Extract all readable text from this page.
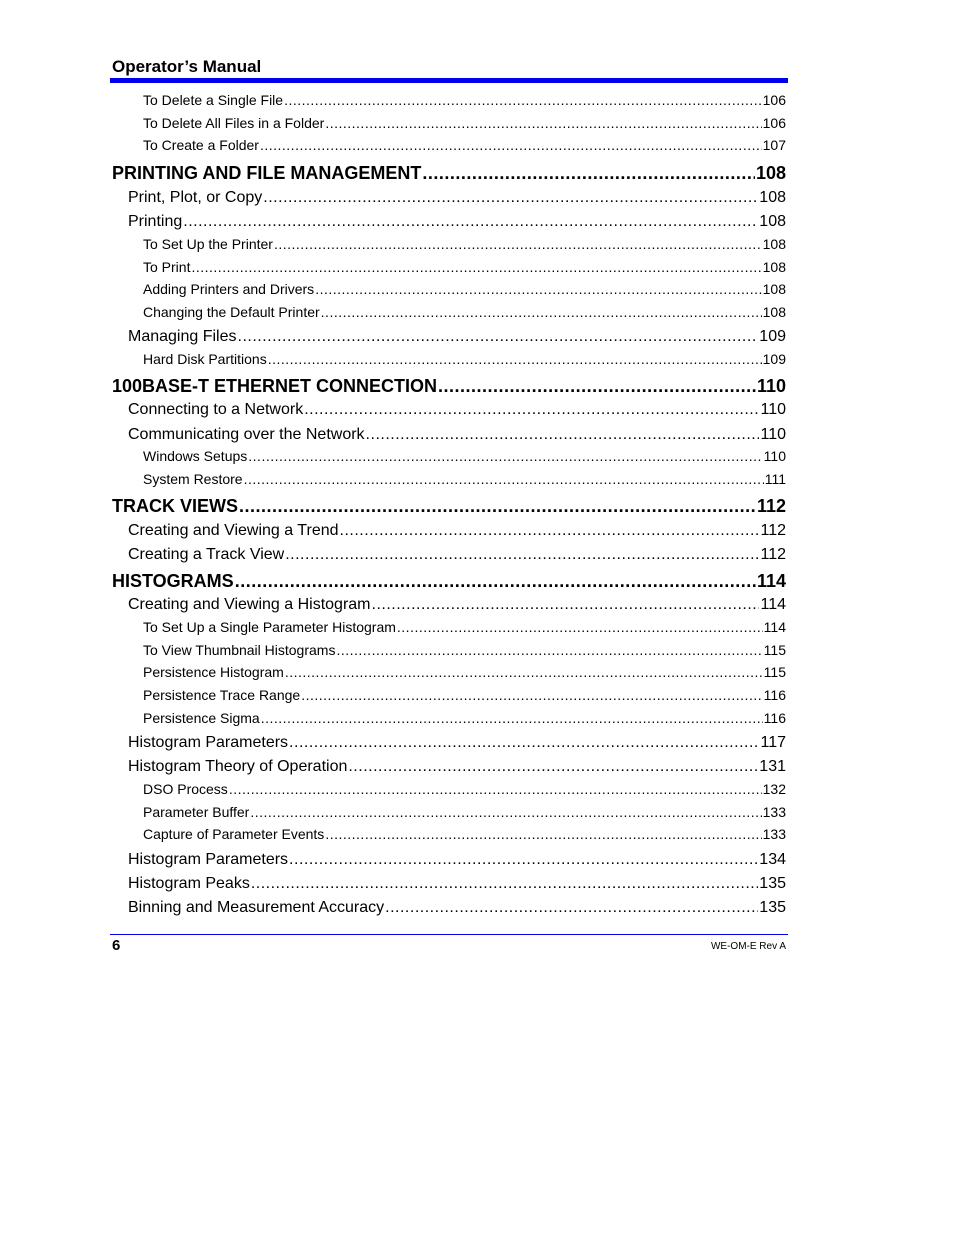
Operator’s Manual
To Delete a Single File .....	106
To Delete All Files in a Folder .....	106
To Create a Folder .....	107
PRINTING AND FILE MANAGEMENT .....	108
Print, Plot, or Copy .....	108
Printing .....	108
To Set Up the Printer .....	108
To Print .....	108
Adding Printers and Drivers .....	108
Changing the Default Printer .....	108
Managing Files .....	109
Hard Disk Partitions .....	109
100BASE-T ETHERNET CONNECTION .....	110
Connecting to a Network .....	110
Communicating over the Network .....	110
Windows Setups .....	110
System Restore .....	111
TRACK VIEWS .....	112
Creating and Viewing a Trend .....	112
Creating a Track View .....	112
HISTOGRAMS .....	114
Creating and Viewing a Histogram .....	114
To Set Up a Single Parameter Histogram .....	114
To View Thumbnail Histograms .....	115
Persistence Histogram .....	115
Persistence Trace Range .....	116
Persistence Sigma .....	116
Histogram Parameters .....	117
Histogram Theory of Operation .....	131
DSO Process .....	132
Parameter Buffer .....	133
Capture of Parameter Events .....	133
Histogram Parameters .....	134
Histogram Peaks .....	135
Binning and Measurement Accuracy .....	135
6	WE-OM-E Rev A
